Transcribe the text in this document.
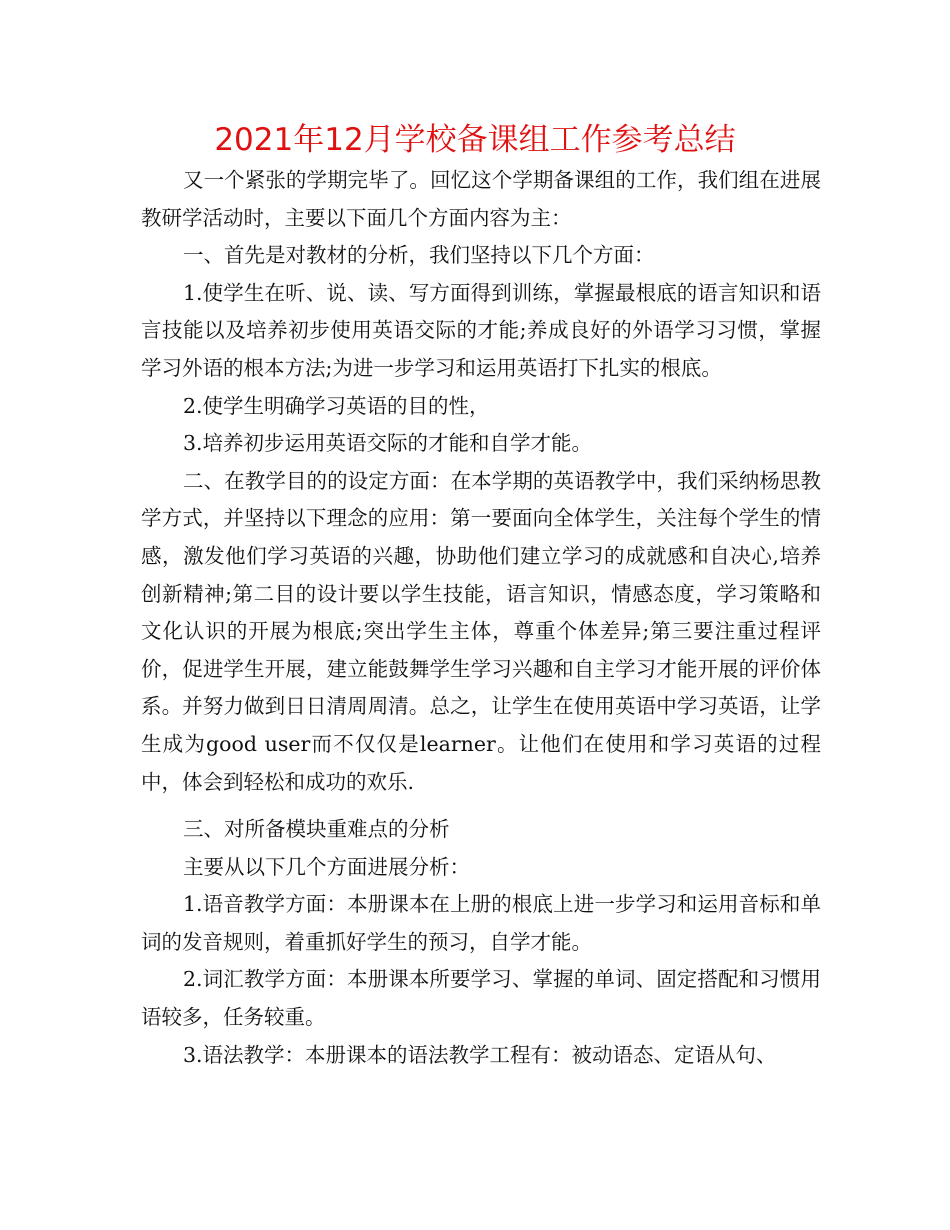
2021年12月学校备课组工作参考总结

又一个紧张的学期完毕了。回忆这个学期备课组的工作，我们组在进展教研学活动时，主要以下面几个方面内容为主：

一、首先是对教材的分析，我们坚持以下几个方面：

1.使学生在听、说、读、写方面得到训练，掌握最根底的语言知识和语言技能以及培养初步使用英语交际的才能;养成良好的外语学习习惯，掌握学习外语的根本方法;为进一步学习和运用英语打下扎实的根底。

2.使学生明确学习英语的目的性，

3.培养初步运用英语交际的才能和自学才能。

二、在教学目的的设定方面：在本学期的英语教学中，我们采纳杨思教学方式，并坚持以下理念的应用：第一要面向全体学生，关注每个学生的情感，激发他们学习英语的兴趣，协助他们建立学习的成就感和自决心,培养创新精神;第二目的设计要以学生技能，语言知识，情感态度，学习策略和文化认识的开展为根底;突出学生主体，尊重个体差异;第三要注重过程评价，促进学生开展，建立能鼓舞学生学习兴趣和自主学习才能开展的评价体系。并努力做到日日清周周清。总之，让学生在使用英语中学习英语，让学生成为good user而不仅仅是learner。让他们在使用和学习英语的过程中，体会到轻松和成功的欢乐.

三、对所备模块重难点的分析

主要从以下几个方面进展分析：

1.语音教学方面：本册课本在上册的根底上进一步学习和运用音标和单词的发音规则，着重抓好学生的预习，自学才能。

2.词汇教学方面：本册课本所要学习、掌握的单词、固定搭配和习惯用语较多，任务较重。

3.语法教学：本册课本的语法教学工程有：被动语态、定语从句、
